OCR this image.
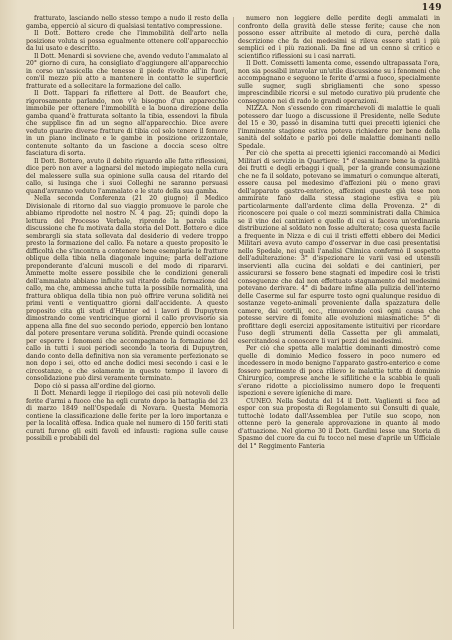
149

fratturato, lasciando nello stesso tempo a nudo il resto della gamba, epperciò al sicuro di qualsiasi tentativo compressione.

Il Dott. Bottero crede che l'immobilità dell'arto nella posizione voluta si possa egualmente ottenere coll'apparecchio da lui usato e descritto.

Il Dott. Menardi si sovviene che, avendo veduto l'ammalato al 20° giorno di cura, ha consigliato d'aggiungere all'apparecchio in corso un'assicella che tenesse il piede rivolto all'in fuori, com'il mezzo più atto a mantenere in contatto le superficie fratturate ed a sollecitare la formazione del callo.

Il Dott. Tappari fa riflettere al Dott. de Beaufort che, rigorosamente parlando, non v'è bisogno d'un apparecchio immobile per ottenere l'immobilità e la buona direzione della gamba quand'è fratturata soltanto la tibia, essendovi la fibula che supplisce fin ad un segno all'apparecchio. Dice avere veduto guarire diverse fratture di tibia col solo tenere il femore in un piano inclinato e le gambe in posizione orizzontale, contenute soltanto da un fascione a doccia sceso oltre fasciatura di sorta.

Il Dott. Bottero, avuto il debito riguardo alle fatte riflessioni, dice però non aver a lagnarsi del metodo impiegato nella cura del malessere sulla sua opinione sulla causa del ritardo del callo, si lusinga che i suoi Colleghi ne saranno persuasi quand'avranno veduto l'ammalato e le stato della sua gamba.

Nella seconda Conferenza (21 20 giugno) il Medico Divisionale di ritorno dal suo viaggio promuove le parole che abbiamo riprodotte nel nostro N. 4 pag. 25; quindi dopo la lettura del Processo Verbale, riprende la parola sulla discussione che fu motivata dalla storia del Dott. Bottero e dice sembrargli sia stata sollevata dal desiderio di vedere troppo presto la formazione del callo. Fa notare a questo proposito le difficoltà che s'incontra a contenere bene esemplarie le fratture oblique della tibia nella diagonale inguine; parla dell'azione preponderante d'alcuni muscoli e del modo di ripararvi. Ammette molte essere possibile che le condizioni generali dell'ammalato abbiano influito sul ritardo della formazione del callo, ma che, ammessa anche tutta la possibile normalità, una frattura obliqua della tibia non può offrire veruna solidità nei primi venti e ventiquattro giorni dall'accidente. A questo proposito cita gli studi d'Hunter ed i lavori di Dupuytren dimostrando come ventricinque giorni il callo provvisorio sia appena alla fine del suo secondo periodo, epperciò ben lontano dal potere presentare veruna solidità. Prende quindi occasione per esporre i fenomeni che accompagnano la formazione del callo in tutti i suoi periodi secondo la teoria di Dupuytren, dando conto della definitiva non sia veramente perfezionato se non dopo i sei, otto ed anche dodici mesi secondo i casi e le circostanze, e che solamente in questo tempo il lavoro di consolidazione può dirsi veramente terminato.

Dopo ciò si passa all'ordine del giorno.

Il Dott. Menardi legge il riepilogo dei casi più notevoli delle ferite d'armi a fuoco che ha egli curato dopo la battaglia del 23 di marzo 1849 nell'Ospedale di Novara. Questa Memoria contiene la classificazione delle ferite per la loro importanza e per la località offesa. Indica quale nel numero di 150 feriti stati curati furono gli esiti favoli ed infausti: ragiona sulle cause possibili e probabili del

numero non leggiere delle perdite degli ammalati in confronto della gravità delle stesse ferite; cause che non possono esser attribuite al metodo di cura, perchè dalla descrizione che fa dei medesimi si rileva essere stati i più semplici ed i più razionali. Da fine ad un cenno sì critico e scientifico riflessioni su i casi narrati.

Il Dott. Comissetti lamenta come, essendo ultrapassata l'ora, non sia possibil intavolar un'utile discussione su i fenomeni che accompagnano e seguono le ferite d'armi a fuoco, specialmente sulle sugner, sugli sbrigliamenti che sono spesso imprescindibile ricorsi e sul metodo curativo più prudente che conseguono nei di rado le grandi operazioni.

NIZZA. Non s'essendo con rimarchevoli di malattie le quali potessero dar luogo a discussione il Presidente, nelle Sedute del 15 e 30, passò in disamina tutti quei precetti igienici che l'imminente stagione estiva poteva richiedere per bene della sanità del soldato e parlò poi delle malattie dominanti nello Spedale.

Per ciò che spetta ai precetti igienici raccomandò ai Medici Militari di servizio in Quartiere: 1° d'esaminare bene la qualità dei frutti e degli erbaggi i quali, per la grande consumazione che ne fa il soldato, potevano se immaturi o comunque alterati, essere causa pel medesimo d'affezioni più o meno gravi dell'apparato gastro-enterico, affezioni queste già tese non ammirate fanò dalla stessa stagione estiva e più particolarmente dall'ardente clima della Provenza. 2° di riconoscere poi quale o col mezzi somministrati dalla Chimica se il vino dei cantinieri e quello di cui si faceva un'ordinaria distribuzione al soldato non fosse adulterato; cosa questa facile a frequente in Nizza e di cui il tristi effetti ebbero dei Medici Militari aveva avuto campo d'osservar in due casi presentatisi nello Spedale, nei quali l'analisi Chimica confermò il sospetto dell'adulterazione: 3° d'ispezionare le varii vasi ed utensili inservienti alla cucina dei soldati e dei cantinieri, per assicurarsi se fossero bene stagnati ed impedire così le tristi conseguenze che dal non effettuato stagnamento del medesimi potevano derivare. 4° di badare infine alla pulizia dell'interno delle Caserme sul far espurre tosto ogni qualunque residuo di sostanze vegeto-animali proveniente dalla spazzatura delle camere, dai cortili, ecc., rimuovendo così ogni causa che potesse servire di fomite alle evoluzioni miasmatiche: 5° di profittare degli esercizi appositamente istituitivi per ricordare l'uso degli strumenti della Cassetta per gli ammalati, esercitandosi a conoscere li vari pezzi dei medesimi.

Per ciò che spetta alle malattie dominanti dimostrò come quelle di dominio Medico fossero in poco numero ed incedessero in modo benigno l'apparato gastro-enterico e come fossero parimente di poca rilievo le malattie tutte di dominio Chirurgico, comprese anche le sifilitiche e la scabbia le quali s'erano ridotte a picciolissimo numero dopo le frequenti ispezioni e severe igieniche di mare.

CUNEO. Nella Seduta del 14 il Dott. Vaglienti si fece ad espor con sua proposta di Regolamento sui Consulti di quale, tuttochè lodato dall'Assemblea per l'utile suo scopo, non ottenne però la generale approvazione in quanto al modo d'attuazione. Nel giorno 30 il Dott. Gardini lesse una Storia di Spasmo del cuore da cui fu tocco nel mese d'aprile un Ufficiale del 1° Reggimento Fanteria
